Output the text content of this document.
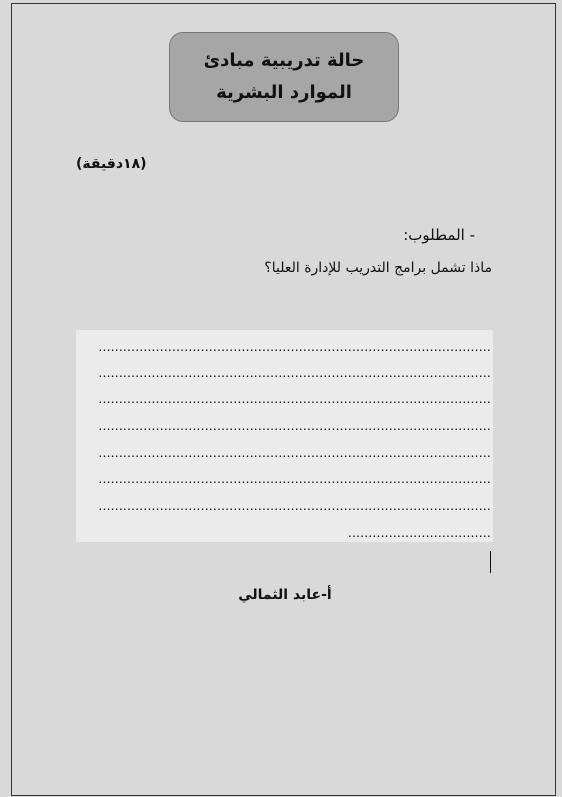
حالة تدريبية مبادئ
الموارد البشرية
(١٨دقيقة)
- المطلوب:
ماذا تشمل برامج التدريب للإدارة العليا؟
................................................................................................
................................................................................................
................................................................................................
................................................................................................
................................................................................................
................................................................................................
................................................................................................
...................................
أ-عابد الثمالي
